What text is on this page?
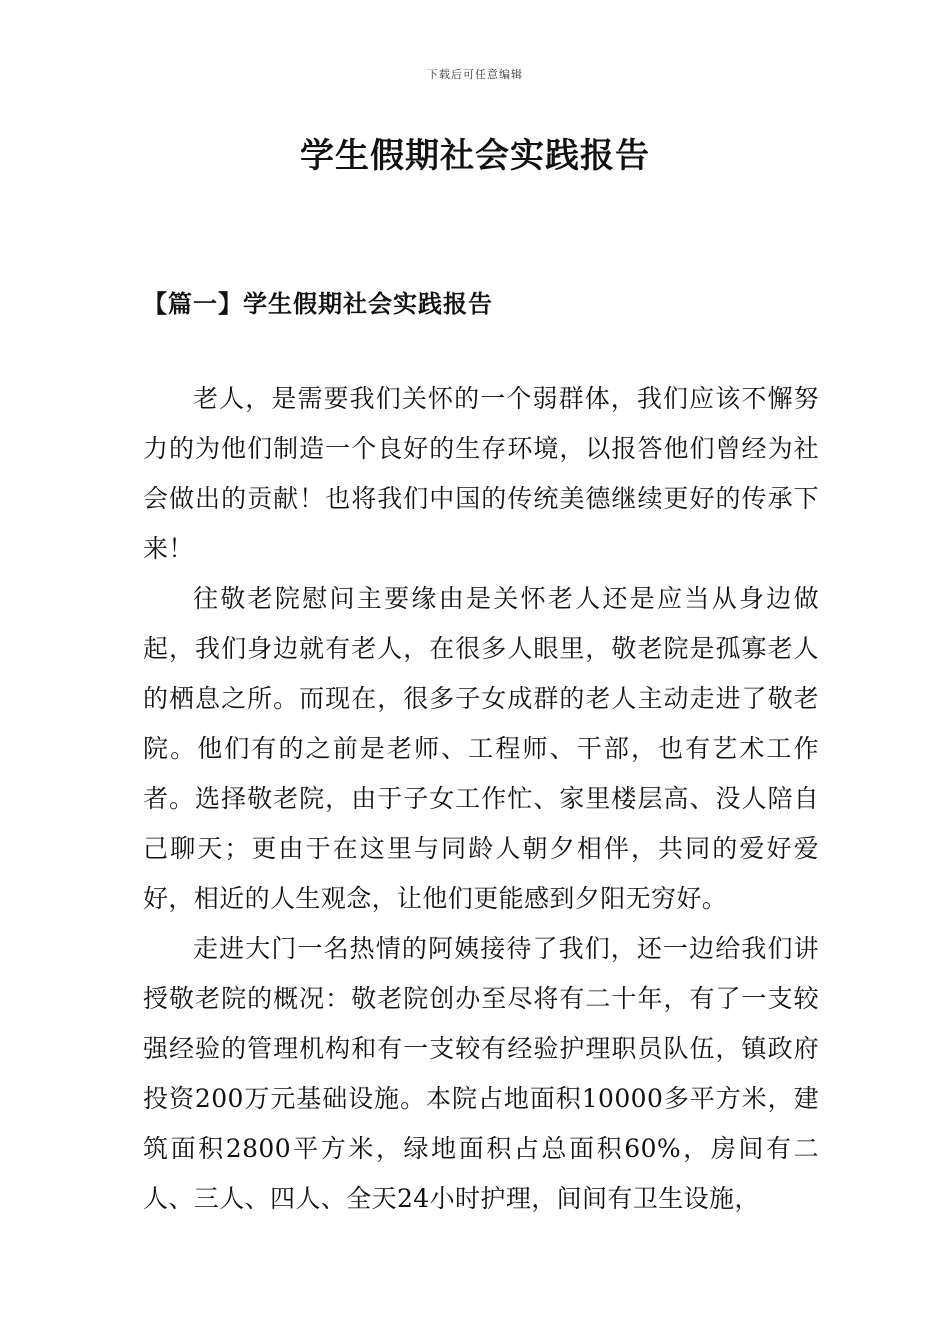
下载后可任意编辑
学生假期社会实践报告
【篇一】学生假期社会实践报告

老人，是需要我们关怀的一个弱群体，我们应该不懈努力的为他们制造一个良好的生存环境，以报答他们曾经为社会做出的贡献！也将我们中国的传统美德继续更好的传承下来！

往敬老院慰问主要缘由是关怀老人还是应当从身边做起，我们身边就有老人，在很多人眼里，敬老院是孤寡老人的栖息之所。而现在，很多子女成群的老人主动走进了敬老院。他们有的之前是老师、工程师、干部，也有艺术工作者。选择敬老院，由于子女工作忙、家里楼层高、没人陪自己聊天；更由于在这里与同龄人朝夕相伴，共同的爱好爱好，相近的人生观念，让他们更能感到夕阳无穷好。

走进大门一名热情的阿姨接待了我们，还一边给我们讲授敬老院的概况：敬老院创办至尽将有二十年，有了一支较强经验的管理机构和有一支较有经验护理职员队伍，镇政府投资200万元基础设施。本院占地面积10000多平方米，建筑面积2800平方米，绿地面积占总面积60%，房间有二人、三人、四人、全天24小时护理，间间有卫生设施，
